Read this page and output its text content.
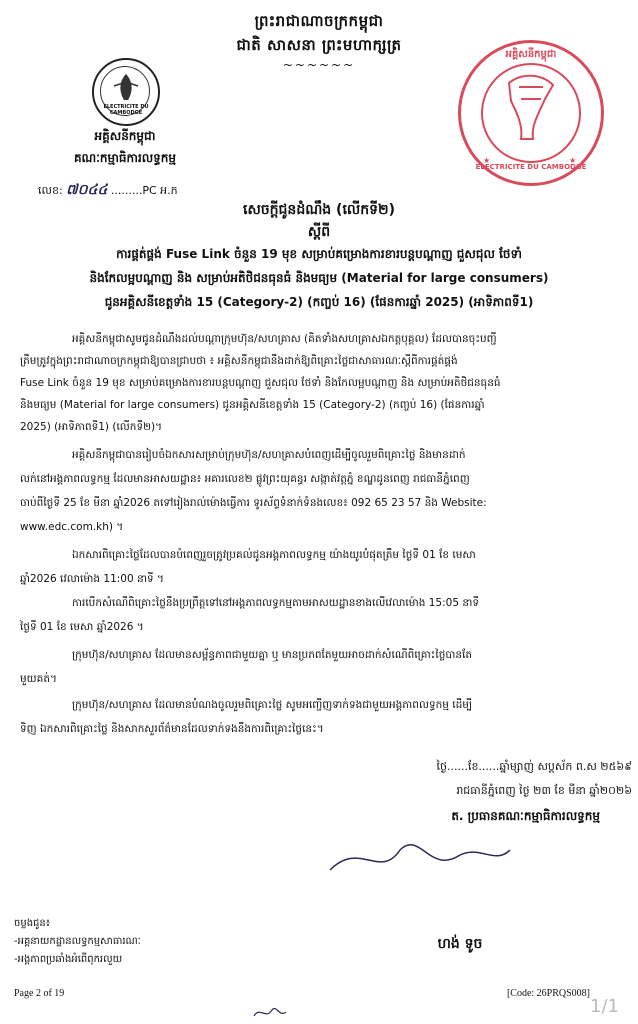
ព្រះរាជាណាចក្រកម្ពុជា
ជាតិ សាសនា ព្រះមហាក្សត្រ
~~~~~~
ELECTRICITE DU CAMBODGE
អគ្គិសនីកម្ពុជា
គណៈកម្មាធិការលទ្ធកម្ម
លេខ: ៧០៤៤ .........PC អ.ក
★	★
អគ្គិសនីកម្ពុជា
ELECTRICITE DU CAMBODGE
សេចក្តីជូនដំណឹង (លើកទី២)
ស្តីពី
ការផ្គត់ផ្គង់ Fuse Link ចំនួន 19 មុខ សម្រាប់គម្រោងការខារបន្តបណ្តាញ ជួសជុល ថែទាំ
និងកែលម្អបណ្តាញ និង សម្រាប់អតិថិជនធុនធំ និងមធ្យម (Material for large consumers)
ជូនអគ្គិសនីខេត្តទាំង 15 (Category-2) (កញ្ចប់ 16) (ផែនការឆ្នាំ 2025) (អាទិភាពទី1)
អគ្គិសនីកម្ពុជាសូមជូនដំណឹងដល់បណ្តាក្រុមហ៊ុន/សហគ្រាស (គិតទាំងសហគ្រាសឯកត្តបុគ្គល) ដែលបានចុះបញ្ជី
ត្រឹមត្រូវក្នុងព្រះរាជាណាចក្រកម្ពុជាឱ្យបានជ្រាបថា ៖ អគ្គិសនីកម្ពុជានឹងដាក់ឱ្យពិគ្រោះថ្លៃជាសាធារណៈស្តីពីការផ្គត់ផ្គង់
Fuse Link ចំនួន 19 មុខ សម្រាប់គម្រោងការខារបន្តបណ្តាញ ជួសជុល ថែទាំ និងកែលម្អបណ្តាញ និង សម្រាប់អតិថិជនធុនធំ
និងមធ្យម (Material for large consumers) ជូនអគ្គិសនីខេត្តទាំង 15 (Category-2) (កញ្ចប់ 16) (ផែនការឆ្នាំ
2025) (អាទិភាពទី1) (លើកទី២)។
អគ្គិសនីកម្ពុជាបានរៀបចំឯកសារសម្រាប់ក្រុមហ៊ុន/សហគ្រាសបំពេញដើម្បីចូលរួមពិគ្រោះថ្លៃ និងមានដាក់
លក់នៅអង្គភាពលទ្ធកម្ម ដែលមានអាសយដ្ឋាន៖ អគារលេខ២ ផ្លូវព្រះយុគន្ធរ សង្កាត់វត្តភ្នំ ខណ្ឌដូនពេញ រាជធានីភ្នំពេញ
ចាប់ពីថ្ងៃទី 25 ខែ មីនា ឆ្នាំ2026 តទៅរៀងរាល់ម៉ោងធ្វើការ ទូរស័ព្ទទំនាក់ទំនងលេខ៖ 092 65 23 57 និង Website:
www.edc.com.kh) ។
ឯកសារពិគ្រោះថ្លៃដែលបានបំពេញរួចត្រូវប្រគល់ជូនអង្គភាពលទ្ធកម្ម យ៉ាងយូរបំផុតត្រឹម ថ្ងៃទី 01 ខែ មេសា
ឆ្នាំ2026 វេលាម៉ោង 11:00 នាទី ។
ការបើកសំណើពិគ្រោះថ្លៃនឹងប្រព្រឹត្តទៅនៅអង្គភាពលទ្ធកម្មតាមអាសយដ្ឋានខាងលើវេលាម៉ោង 15:05 នាទី
ថ្ងៃទី 01 ខែ មេសា ឆ្នាំ2026 ។
ក្រុមហ៊ុន/សហគ្រាស ដែលមានសម្ព័ន្ធភាពជាមួយគ្នា ឬ មានប្រភពតែមួយអាចដាក់សំណើពិគ្រោះថ្លៃបានតែ
មួយគត់។
ក្រុមហ៊ុន/សហគ្រាស ដែលមានបំណងចូលរួមពិគ្រោះថ្លៃ សូមអញ្ជើញទាក់ទងជាមួយអង្គភាពលទ្ធកម្ម ដើម្បី
ទិញ ឯកសារពិគ្រោះថ្លៃ និងសាកសួរព័ត៌មានដែលទាក់ទងនឹងការពិគ្រោះថ្លៃនេះ។
ថ្ងៃ......ខែ......ឆ្នាំម្សាញ់ សប្តស័ក ព.ស ២៥៦៩
រាជធានីភ្នំពេញ ថ្ងៃ ២៣ ខែ មីនា ឆ្នាំ២០២៦
ត. ប្រធានគណៈកម្មាធិការលទ្ធកម្ម
ចម្លងជូន៖
-អគ្គនាយកដ្ឋានលទ្ធកម្មសាធារណៈ
-អង្គភាពប្រឆាំងអំពើពុករលួយ
ហង់ ទូច
Page 2 of 19	[Code: 26PRQS008]
1/1
